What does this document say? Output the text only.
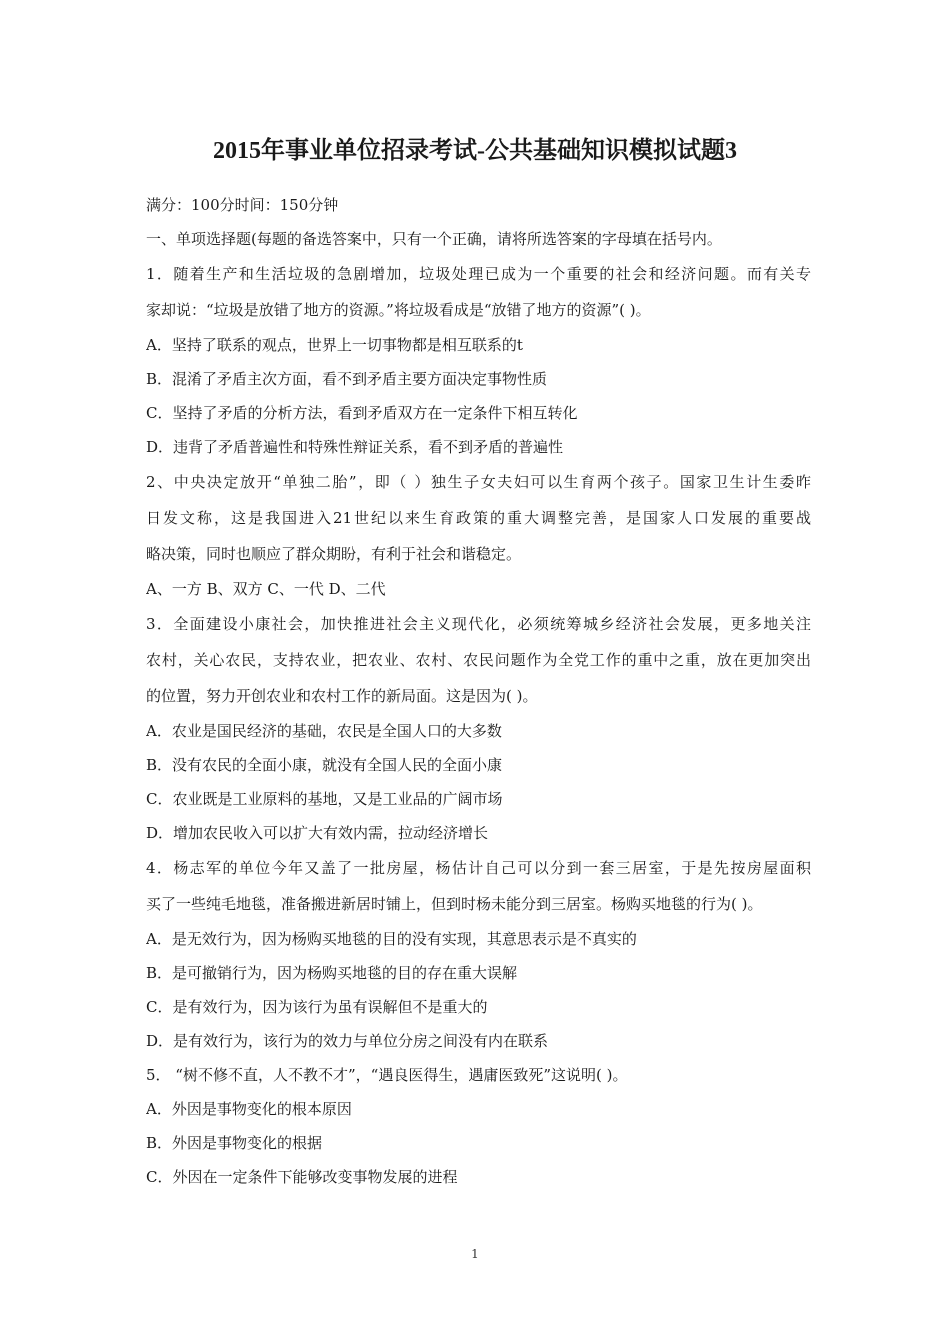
2015年事业单位招录考试-公共基础知识模拟试题3

满分：100分时间：150分钟

一、单项选择题(每题的备选答案中，只有一个正确，请将所选答案的字母填在括号内。

1．随着生产和生活垃圾的急剧增加，垃圾处理已成为一个重要的社会和经济问题。而有关专

家却说：“垃圾是放错了地方的资源。”将垃圾看成是“放错了地方的资源”( )。

A．坚持了联系的观点，世界上一切事物都是相互联系的t

B．混淆了矛盾主次方面，看不到矛盾主要方面决定事物性质

C．坚持了矛盾的分析方法，看到矛盾双方在一定条件下相互转化

D．违背了矛盾普遍性和特殊性辩证关系，看不到矛盾的普遍性

2、中央决定放开“单独二胎”，即（ ）独生子女夫妇可以生育两个孩子。国家卫生计生委昨

日发文称，这是我国进入21世纪以来生育政策的重大调整完善，是国家人口发展的重要战

略决策，同时也顺应了群众期盼，有利于社会和谐稳定。

A、一方 B、双方 C、一代 D、二代

3．全面建设小康社会，加快推进社会主义现代化，必须统筹城乡经济社会发展，更多地关注

农村，关心农民，支持农业，把农业、农村、农民问题作为全党工作的重中之重，放在更加突出

的位置，努力开创农业和农村工作的新局面。这是因为( )。

A．农业是国民经济的基础，农民是全国人口的大多数

B．没有农民的全面小康，就没有全国人民的全面小康

C．农业既是工业原料的基地，又是工业品的广阔市场

D．增加农民收入可以扩大有效内需，拉动经济增长

4．杨志军的单位今年又盖了一批房屋，杨估计自己可以分到一套三居室，于是先按房屋面积

买了一些纯毛地毯，准备搬进新居时铺上，但到时杨未能分到三居室。杨购买地毯的行为( )。

A．是无效行为，因为杨购买地毯的目的没有实现，其意思表示是不真实的

B．是可撤销行为，因为杨购买地毯的目的存在重大误解

C．是有效行为，因为该行为虽有误解但不是重大的

D．是有效行为，该行为的效力与单位分房之间没有内在联系

5． “树不修不直，人不教不才”，“遇良医得生，遇庸医致死”这说明( )。

A．外因是事物变化的根本原因

B．外因是事物变化的根据

C．外因在一定条件下能够改变事物发展的进程

1
